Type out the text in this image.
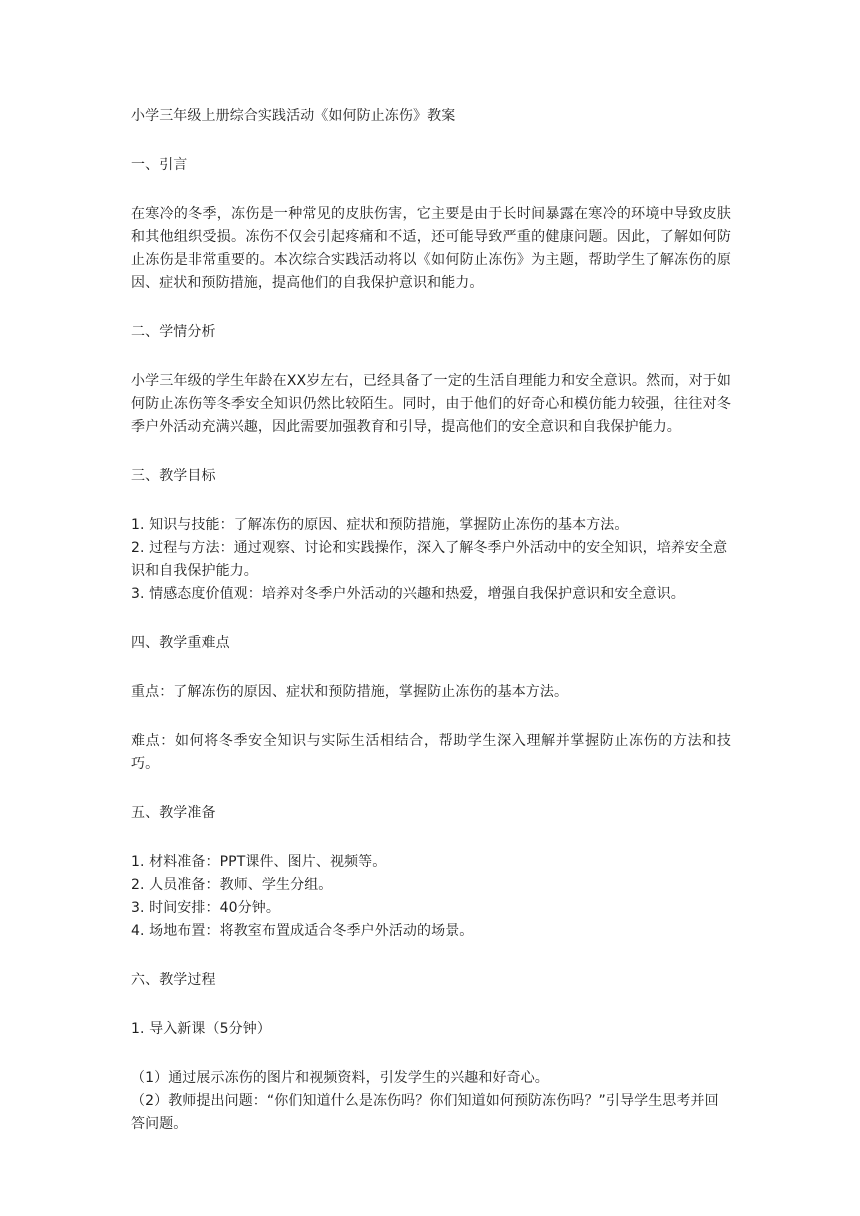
小学三年级上册综合实践活动《如何防止冻伤》教案
一、引言

在寒冷的冬季，冻伤是一种常见的皮肤伤害，它主要是由于长时间暴露在寒冷的环境中导致皮肤和其他组织受损。冻伤不仅会引起疼痛和不适，还可能导致严重的健康问题。因此，了解如何防止冻伤是非常重要的。本次综合实践活动将以《如何防止冻伤》为主题，帮助学生了解冻伤的原因、症状和预防措施，提高他们的自我保护意识和能力。

二、学情分析

小学三年级的学生年龄在XX岁左右，已经具备了一定的生活自理能力和安全意识。然而，对于如何防止冻伤等冬季安全知识仍然比较陌生。同时，由于他们的好奇心和模仿能力较强，往往对冬季户外活动充满兴趣，因此需要加强教育和引导，提高他们的安全意识和自我保护能力。

三、教学目标
1. 知识与技能：了解冻伤的原因、症状和预防措施，掌握防止冻伤的基本方法。
2. 过程与方法：通过观察、讨论和实践操作，深入了解冬季户外活动中的安全知识，培养安全意识和自我保护能力。
3. 情感态度价值观：培养对冬季户外活动的兴趣和热爱，增强自我保护意识和安全意识。
四、教学重难点

重点：了解冻伤的原因、症状和预防措施，掌握防止冻伤的基本方法。

难点：如何将冬季安全知识与实际生活相结合，帮助学生深入理解并掌握防止冻伤的方法和技巧。

五、教学准备
1. 材料准备：PPT课件、图片、视频等。
2. 人员准备：教师、学生分组。
3. 时间安排：40分钟。
4. 场地布置：将教室布置成适合冬季户外活动的场景。
六、教学过程
1. 导入新课（5分钟）
（1）通过展示冻伤的图片和视频资料，引发学生的兴趣和好奇心。
（2）教师提出问题：“你们知道什么是冻伤吗？你们知道如何预防冻伤吗？”引导学生思考并回答问题。
